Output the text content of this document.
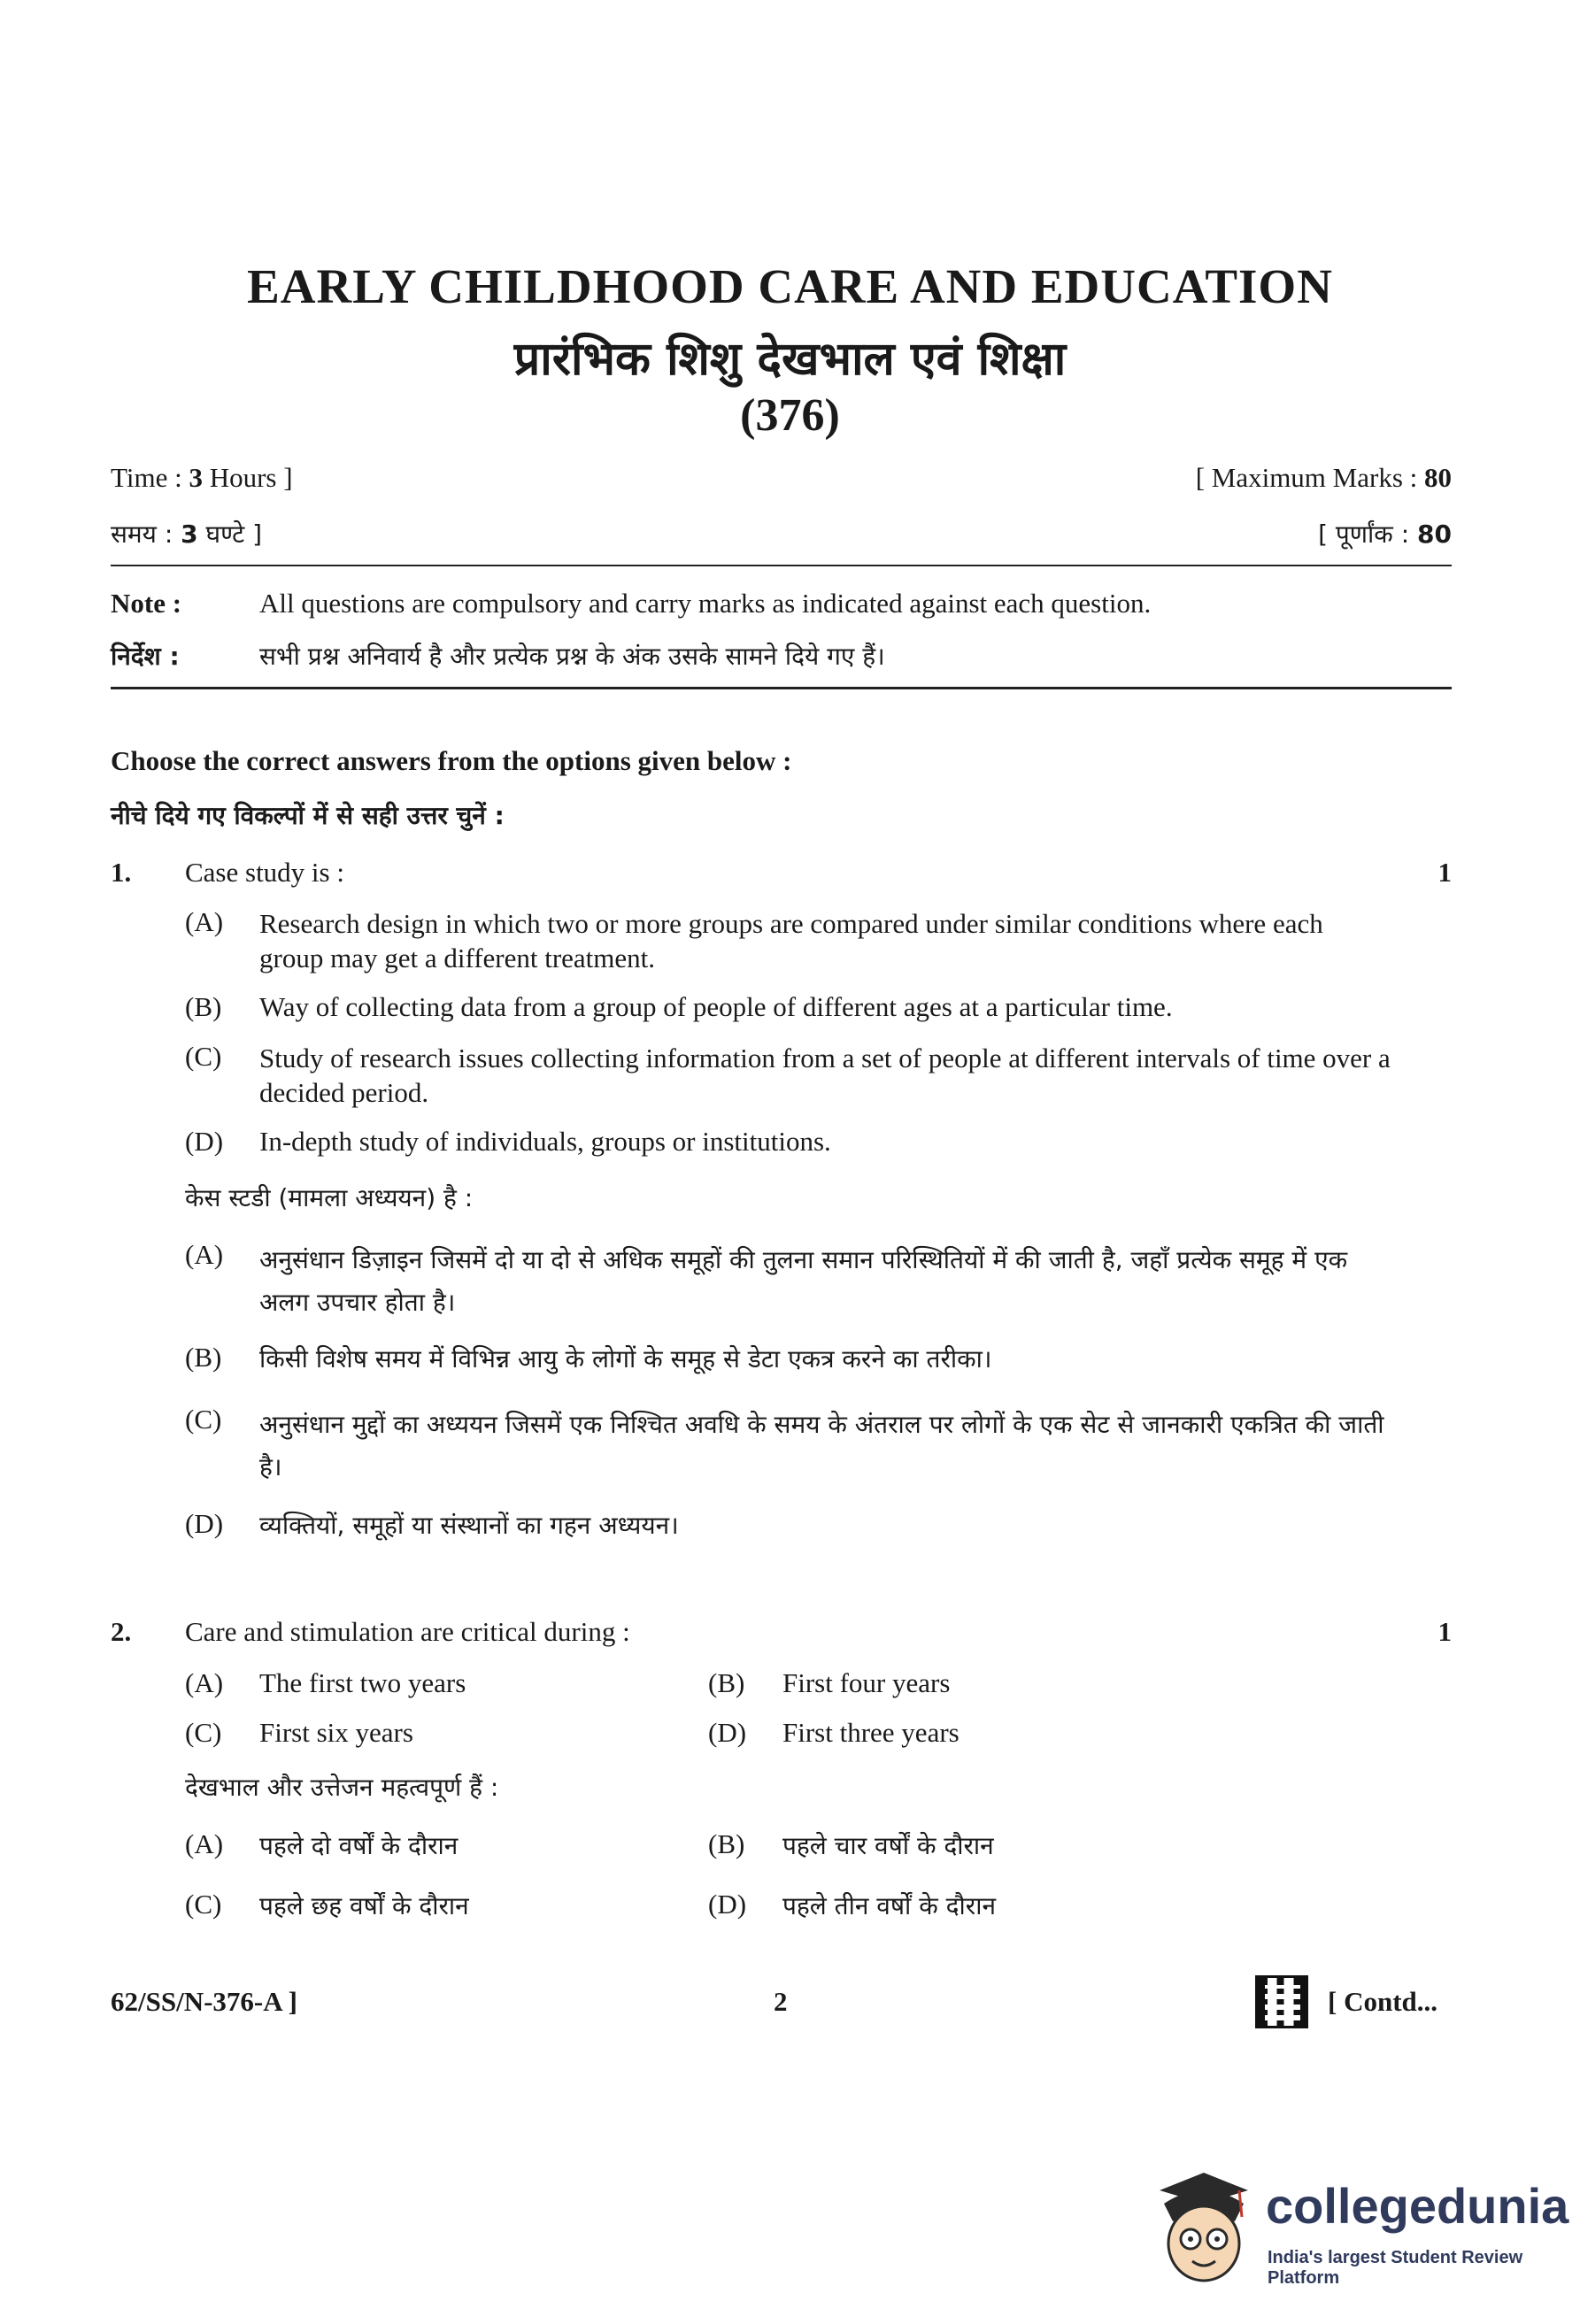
EARLY CHILDHOOD CARE AND EDUCATION
प्रारंभिक शिशु देखभाल एवं शिक्षा
(376)
Time : 3 Hours ]	[ Maximum Marks : 80
समय : 3 घण्टे ]	[ पूर्णांक : 80
Note :	All questions are compulsory and carry marks as indicated against each question.
निर्देश :	सभी प्रश्न अनिवार्य है और प्रत्येक प्रश्न के अंक उसके सामने दिये गए हैं।
Choose the correct answers from the options given below :
नीचे दिये गए विकल्पों में से सही उत्तर चुनें :
1. Case study is :	1
(A) Research design in which two or more groups are compared under similar conditions where each group may get a different treatment.
(B) Way of collecting data from a group of people of different ages at a particular time.
(C) Study of research issues collecting information from a set of people at different intervals of time over a decided period.
(D) In-depth study of individuals, groups or institutions.
केस स्टडी (मामला अध्ययन) है :
(A) अनुसंधान डिज़ाइन जिसमें दो या दो से अधिक समूहों की तुलना समान परिस्थितियों में की जाती है, जहाँ प्रत्येक समूह में एक अलग उपचार होता है।
(B) किसी विशेष समय में विभिन्न आयु के लोगों के समूह से डेटा एकत्र करने का तरीका।
(C) अनुसंधान मुद्दों का अध्ययन जिसमें एक निश्चित अवधि के समय के अंतराल पर लोगों के एक सेट से जानकारी एकत्रित की जाती है।
(D) व्यक्तियों, समूहों या संस्थानों का गहन अध्ययन।
2. Care and stimulation are critical during :	1
(A) The first two years	(B) First four years
(C) First six years	(D) First three years
देखभाल और उत्तेजन महत्वपूर्ण हैं :
(A) पहले दो वर्षों के दौरान	(B) पहले चार वर्षों के दौरान
(C) पहले छह वर्षों के दौरान	(D) पहले तीन वर्षों के दौरान
62/SS/N-376-A ]	2	[ Contd...
collegedunia
India's largest Student Review Platform
